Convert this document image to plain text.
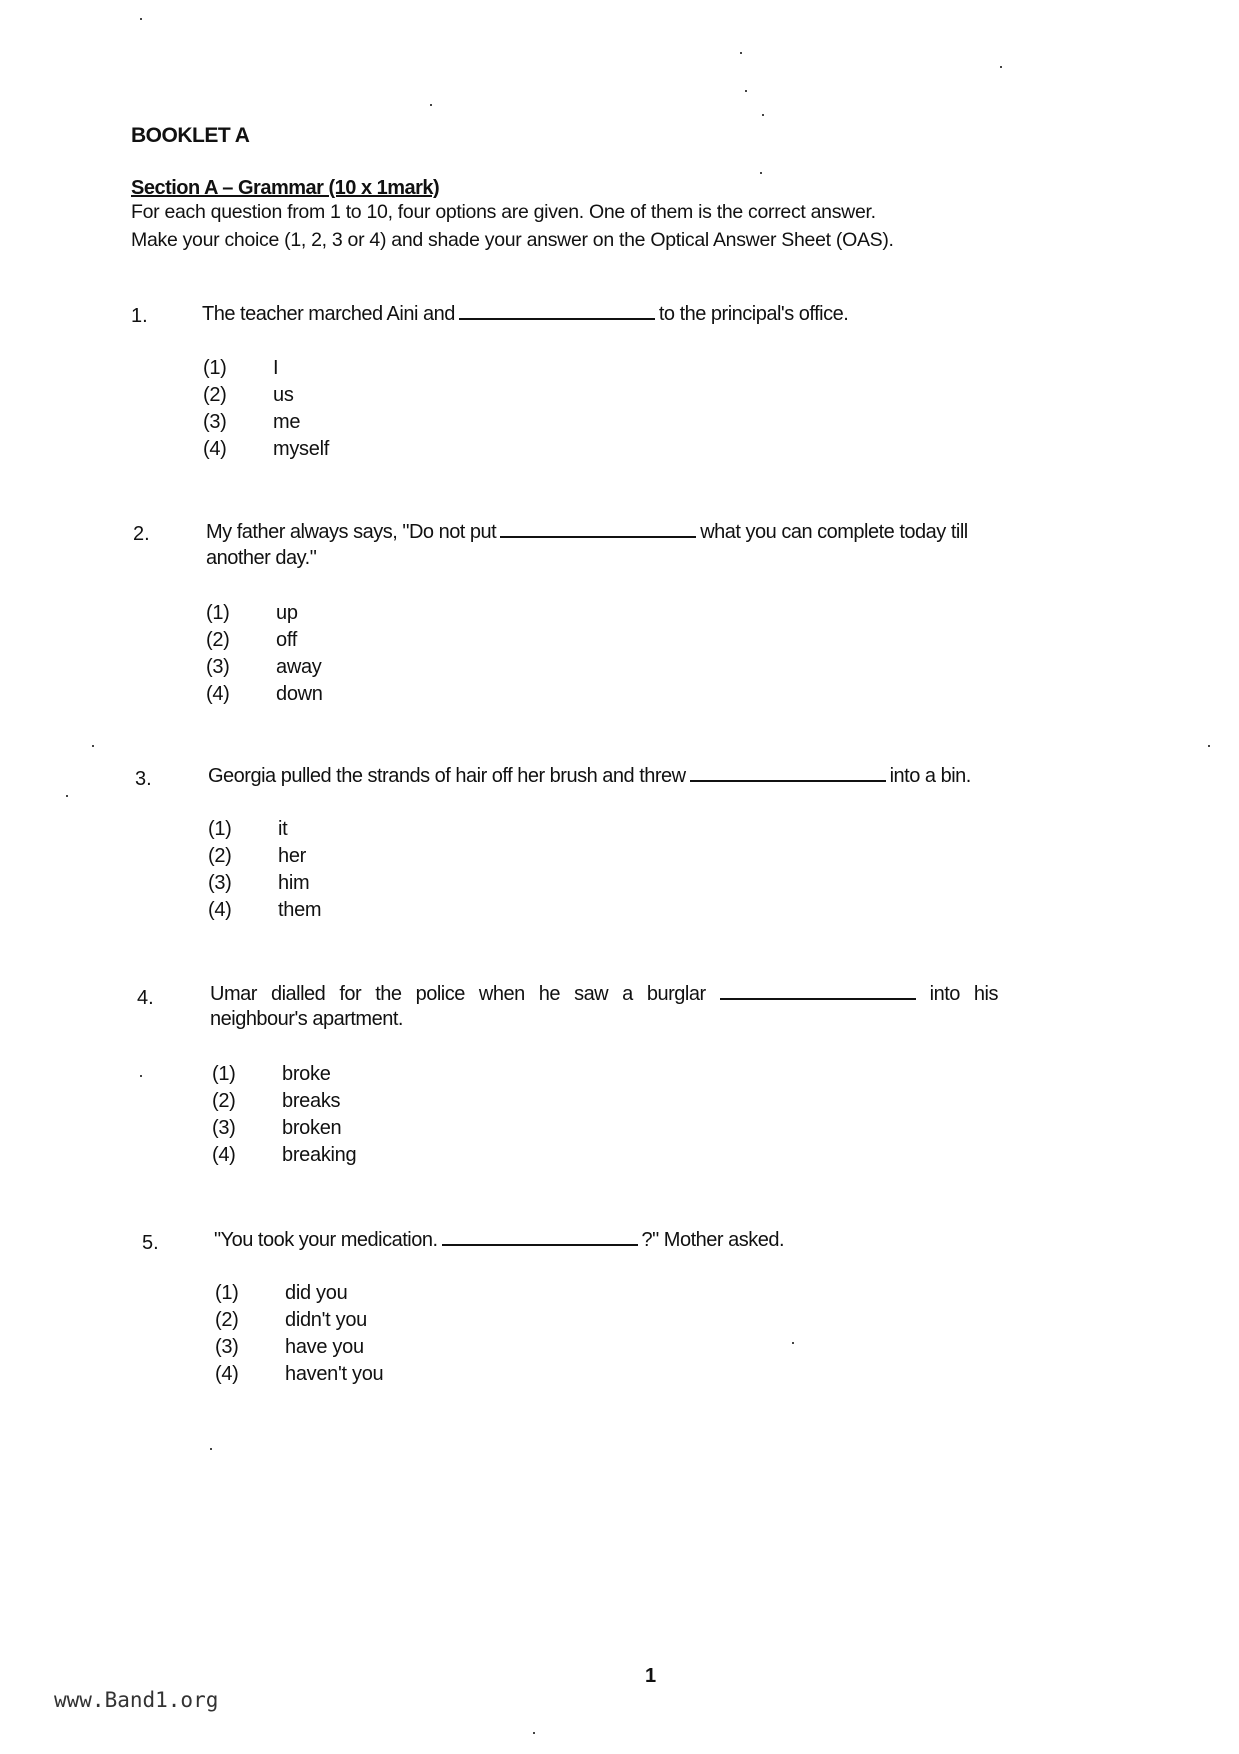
BOOKLET A
Section A – Grammar (10 x 1mark)
For each question from 1 to 10, four options are given. One of them is the correct answer.
Make your choice (1, 2, 3 or 4) and shade your answer on the Optical Answer Sheet (OAS).
1.	The teacher marched Aini and	to the principal's office.
(1) I
(2) us
(3) me
(4) myself
2.	My father always says, "Do not put	what you can complete today till
another day."
(1) up
(2) off
(3) away
(4) down
3.	Georgia pulled the strands of hair off her brush and threw	into a bin.
(1) it
(2) her
(3) him
(4) them
4.	Umar dialled for the police when he saw a burglar	into his
neighbour's apartment.
(1) broke
(2) breaks
(3) broken
(4) breaking
5.	"You took your medication.	?" Mother asked.
(1) did you
(2) didn't you
(3) have you
(4) haven't you
1
www.Band1.org
